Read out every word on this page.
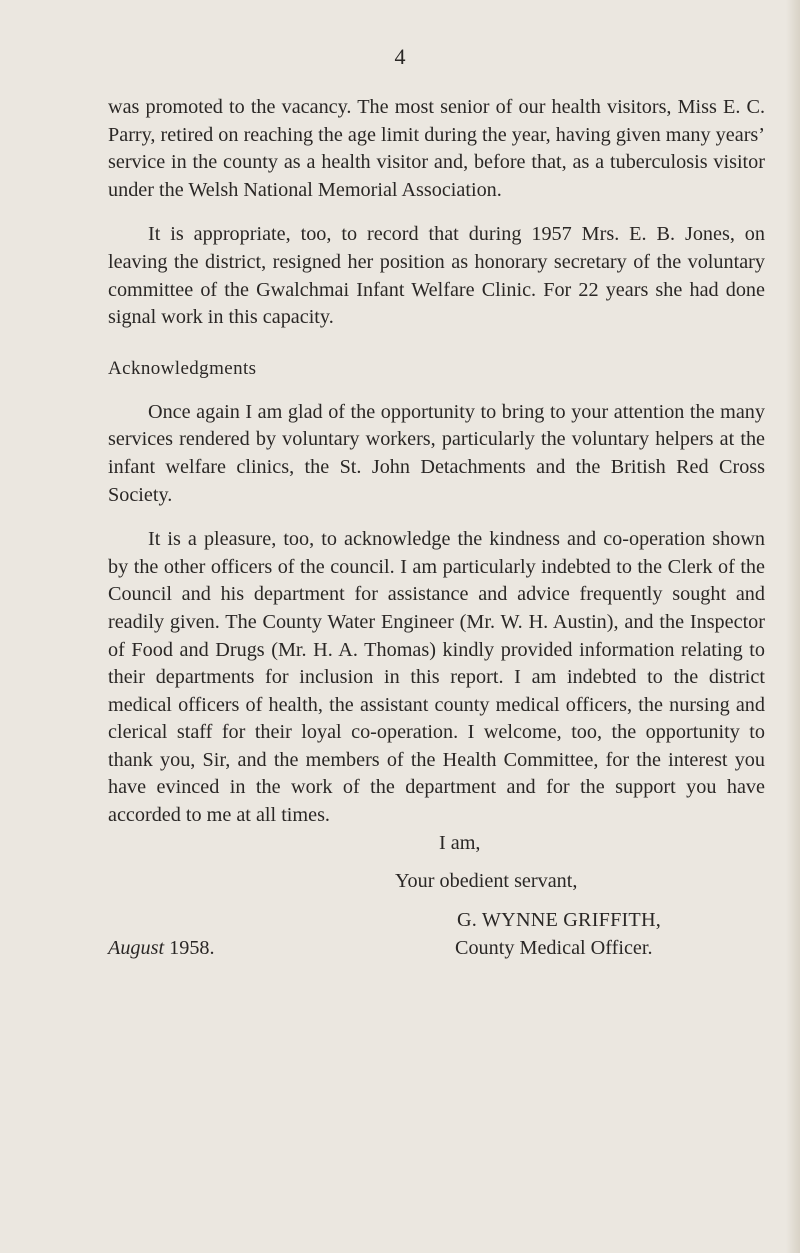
4

was promoted to the vacancy. The most senior of our health visitors, Miss E. C. Parry, retired on reaching the age limit during the year, having given many years’ service in the county as a health visitor and, before that, as a tuberculosis visitor under the Welsh National Memorial Association.

It is appropriate, too, to record that during 1957 Mrs. E. B. Jones, on leaving the district, resigned her position as honorary secretary of the voluntary committee of the Gwalchmai Infant Welfare Clinic. For 22 years she had done signal work in this capacity.

Acknowledgments

Once again I am glad of the opportunity to bring to your attention the many services rendered by voluntary workers, particularly the voluntary helpers at the infant welfare clinics, the St. John Detachments and the British Red Cross Society.

It is a pleasure, too, to acknowledge the kindness and co-operation shown by the other officers of the council. I am particularly indebted to the Clerk of the Council and his department for assistance and advice frequently sought and readily given. The County Water Engineer (Mr. W. H. Austin), and the Inspector of Food and Drugs (Mr. H. A. Thomas) kindly provided information relating to their departments for inclusion in this report. I am indebted to the district medical officers of health, the assistant county medical officers, the nursing and clerical staff for their loyal co-operation. I welcome, too, the opportunity to thank you, Sir, and the members of the Health Committee, for the interest you have evinced in the work of the department and for the support you have accorded to me at all times.

I am,
Your obedient servant,
G. WYNNE GRIFFITH,
County Medical Officer.
August 1958.
